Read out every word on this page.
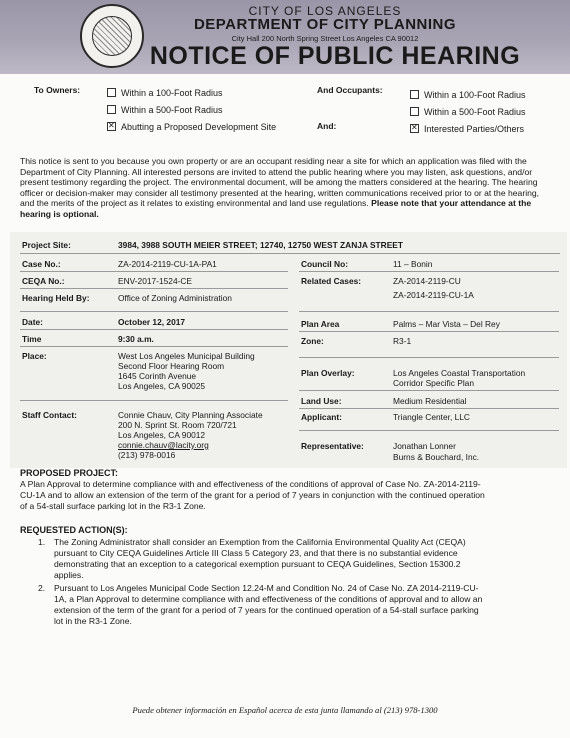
CITY OF LOS ANGELES
DEPARTMENT OF CITY PLANNING
City Hall 200 North Spring Street Los Angeles CA 90012
NOTICE OF PUBLIC HEARING
To Owners:	And Occupants:
And:
Within a 100-Foot Radius
Within a 500-Foot Radius
✕Abutting a Proposed Development Site
Within a 100-Foot Radius
Within a 500-Foot Radius
✕Interested Parties/Others
This notice is sent to you because you own property or are an occupant residing near a site for which an application was filed with the Department of City Planning. All interested persons are invited to attend the public hearing where you may listen, ask questions, and/or present testimony regarding the project. The environmental document, will be among the matters considered at the hearing. The hearing officer or decision-maker may consider all testimony presented at the hearing, written communications received prior to or at the hearing, and the merits of the project as it relates to existing environmental and land use regulations. Please note that your attendance at the hearing is optional.
Project Site:	3984, 3988 SOUTH MEIER STREET; 12740, 12750 WEST ZANJA STREET
Case No.:	ZA-2014-2119-CU-1A-PA1
CEQA No.:	ENV-2017-1524-CE
Hearing Held By:	Office of Zoning Administration
Date:	October 12, 2017
Time	9:30 a.m.
Place:	West Los Angeles Municipal Building
Second Floor Hearing Room
1645 Corinth Avenue
Los Angeles, CA 90025
Staff Contact:	Connie Chauv, City Planning Associate
200 N. Sprint St. Room 720/721
Los Angeles, CA 90012
connie.chauv@lacity.org
(213) 978-0016
Council No:	11 – Bonin
Related Cases:	ZA-2014-2119-CU
ZA-2014-2119-CU-1A
Plan Area	Palms – Mar Vista – Del Rey
Zone:	R3-1
Plan Overlay:	Los Angeles Coastal Transportation
Corridor Specific Plan
Land Use:	Medium Residential
Applicant:	Triangle Center, LLC
Representative:	Jonathan Lonner
Burns & Bouchard, Inc.
PROPOSED PROJECT:
A Plan Approval to determine compliance with and effectiveness of the conditions of approval of Case No. ZA-2014-2119-
CU-1A and to allow an extension of the term of the grant for a period of 7 years in conjunction with the continued operation
of a 54-stall surface parking lot in the R3-1 Zone.
REQUESTED ACTION(S):
1. The Zoning Administrator shall consider an Exemption from the California Environmental Quality Act (CEQA)
pursuant to City CEQA Guidelines Article III Class 5 Category 23, and that there is no substantial evidence
demonstrating that an exception to a categorical exemption pursuant to CEQA Guidelines, Section 15300.2
applies.
2. Pursuant to Los Angeles Municipal Code Section 12.24-M and Condition No. 24 of Case No. ZA 2014-2119-CU-
1A, a Plan Approval to determine compliance with and effectiveness of the conditions of approval and to allow an
extension of the term of the grant for a period of 7 years for the continued operation of a 54-stall surface parking
lot in the R3-1 Zone.
Puede obtener información en Español acerca de esta junta llamando al (213) 978-1300
